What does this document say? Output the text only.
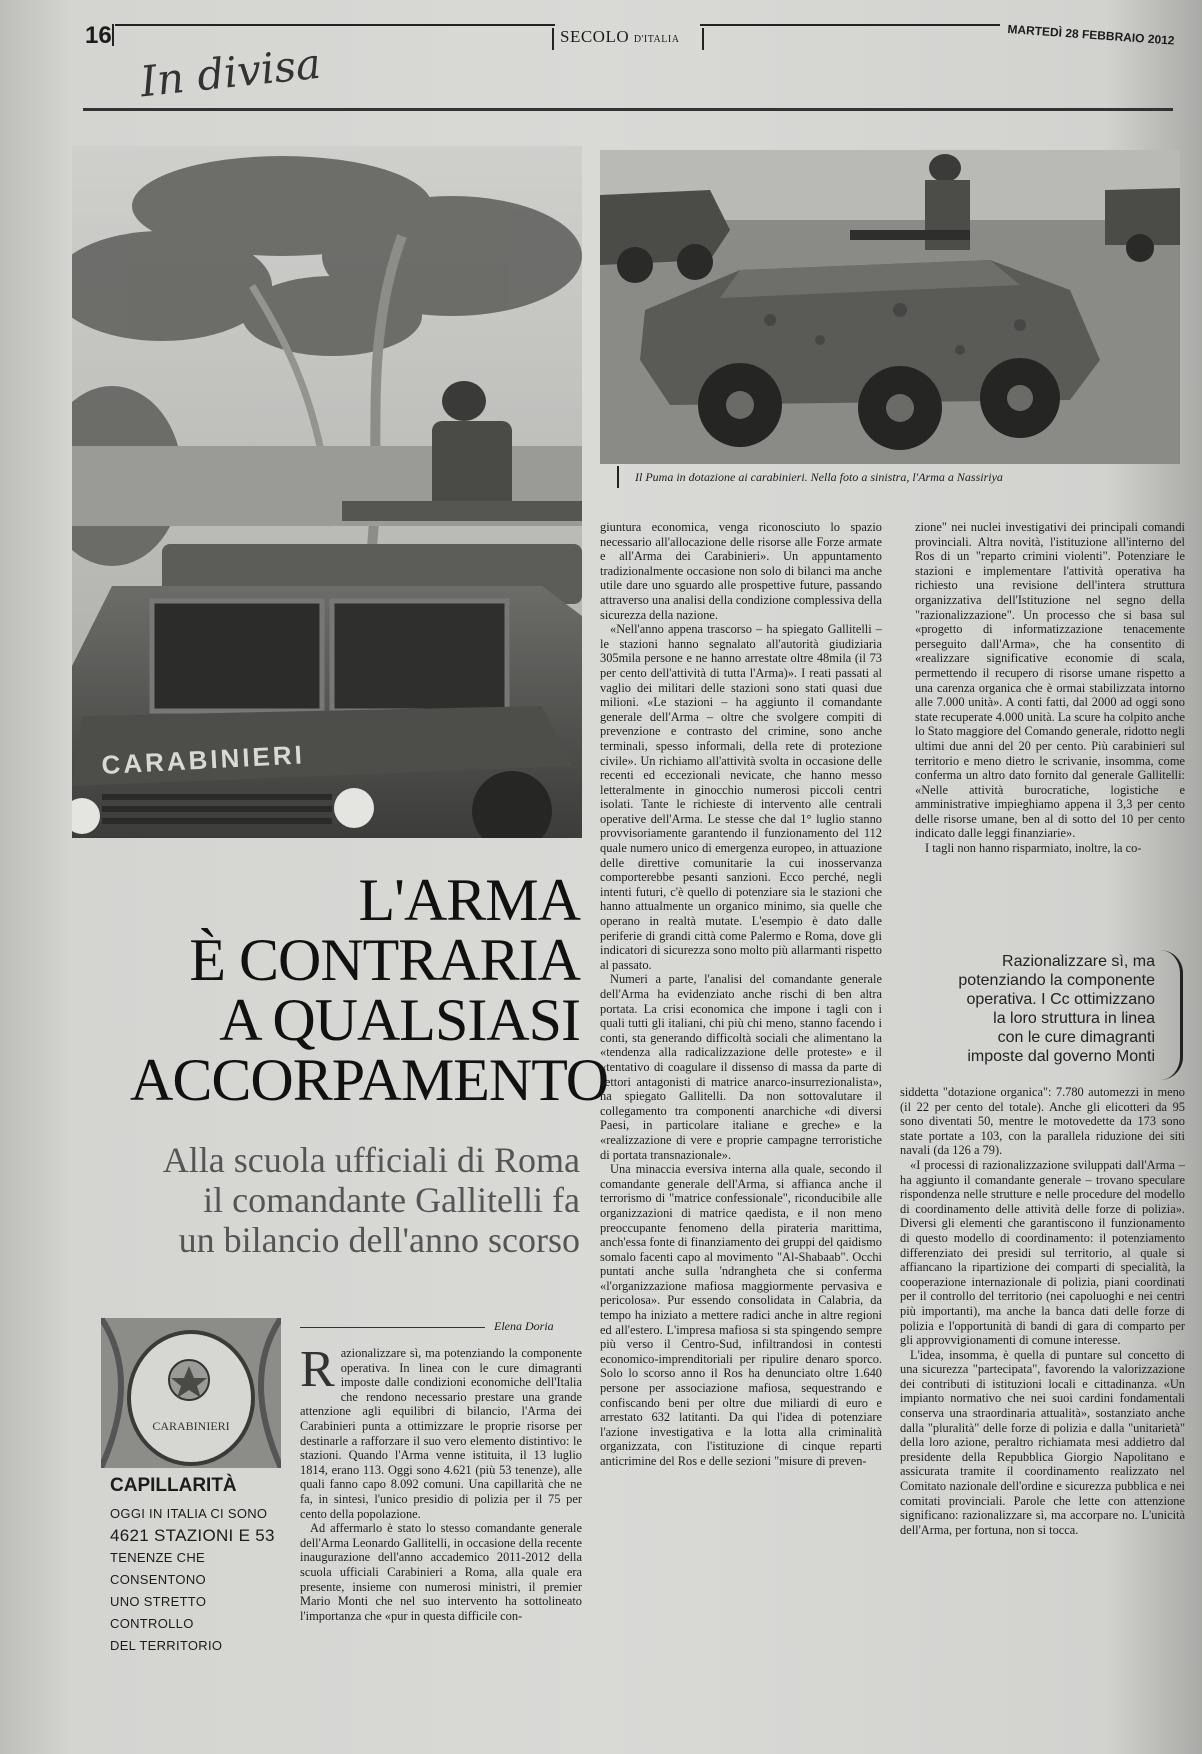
16	SECOLO D'ITALIA	MARTEDÌ 28 FEBBRAIO 2012
In divisa
CARABINIERI
Il Puma in dotazione ai carabinieri. Nella foto a sinistra, l'Arma a Nassiriya
L'ARMA
È CONTRARIA
A QUALSIASI
ACCORPAMENTO
Alla scuola ufficiali di Roma
il comandante Gallitelli fa
un bilancio dell'anno scorso
Elena Doria
CARABINIERI
CAPILLARITÀ
OGGI IN ITALIA CI SONO
4621 STAZIONI E 53
TENENZE CHE CONSENTONO
UNO STRETTO CONTROLLO
DEL TERRITORIO

Razionalizzare sì, ma potenziando la componente operativa. In linea con le cure dimagranti imposte dalle condizioni economiche dell'Italia che rendono necessario prestare una grande attenzione agli equilibri di bilancio, l'Arma dei Carabinieri punta a ottimizzare le proprie risorse per destinarle a rafforzare il suo vero elemento distintivo: le stazioni. Quando l'Arma venne istituita, il 13 luglio 1814, erano 113. Oggi sono 4.621 (più 53 tenenze), alle quali fanno capo 8.092 comuni. Una capillarità che ne fa, in sintesi, l'unico presidio di polizia per il 75 per cento della popolazione.

Ad affermarlo è stato lo stesso comandante generale dell'Arma Leonardo Gallitelli, in occasione della recente inaugurazione dell'anno accademico 2011-2012 della scuola ufficiali Carabinieri a Roma, alla quale era presente, insieme con numerosi ministri, il premier Mario Monti che nel suo intervento ha sottolineato l'importanza che «pur in questa difficile con-

giuntura economica, venga riconosciuto lo spazio necessario all'allocazione delle risorse alle Forze armate e all'Arma dei Carabinieri». Un appuntamento tradizionalmente occasione non solo di bilanci ma anche utile dare uno sguardo alle prospettive future, passando attraverso una analisi della condizione complessiva della sicurezza della nazione.

«Nell'anno appena trascorso – ha spiegato Gallitelli – le stazioni hanno segnalato all'autorità giudiziaria 305mila persone e ne hanno arrestate oltre 48mila (il 73 per cento dell'attività di tutta l'Arma)». I reati passati al vaglio dei militari delle stazioni sono stati quasi due milioni. «Le stazioni – ha aggiunto il comandante generale dell'Arma – oltre che svolgere compiti di prevenzione e contrasto del crimine, sono anche terminali, spesso informali, della rete di protezione civile». Un richiamo all'attività svolta in occasione delle recenti ed eccezionali nevicate, che hanno messo letteralmente in ginocchio numerosi piccoli centri isolati. Tante le richieste di intervento alle centrali operative dell'Arma. Le stesse che dal 1° luglio stanno provvisoriamente garantendo il funzionamento del 112 quale numero unico di emergenza europeo, in attuazione delle direttive comunitarie la cui inosservanza comporterebbe pesanti sanzioni. Ecco perché, negli intenti futuri, c'è quello di potenziare sia le stazioni che hanno attualmente un organico minimo, sia quelle che operano in realtà mutate. L'esempio è dato dalle periferie di grandi città come Palermo e Roma, dove gli indicatori di sicurezza sono molto più allarmanti rispetto al passato.

Numeri a parte, l'analisi del comandante generale dell'Arma ha evidenziato anche rischi di ben altra portata. La crisi economica che impone i tagli con i quali tutti gli italiani, chi più chi meno, stanno facendo i conti, sta generando difficoltà sociali che alimentano la «tendenza alla radicalizzazione delle proteste» e il «tentativo di coagulare il dissenso di massa da parte di settori antagonisti di matrice anarco-insurrezionalista», ha spiegato Gallitelli. Da non sottovalutare il collegamento tra componenti anarchiche «di diversi Paesi, in particolare italiane e greche» e la «realizzazione di vere e proprie campagne terroristiche di portata transnazionale».

Una minaccia eversiva interna alla quale, secondo il comandante generale dell'Arma, si affianca anche il terrorismo di "matrice confessionale", riconducibile alle organizzazioni di matrice qaedista, e il non meno preoccupante fenomeno della pirateria marittima, anch'essa fonte di finanziamento dei gruppi del qaidismo somalo facenti capo al movimento "Al-Shabaab". Occhi puntati anche sulla 'ndrangheta che si conferma «l'organizzazione mafiosa maggiormente pervasiva e pericolosa». Pur essendo consolidata in Calabria, da tempo ha iniziato a mettere radici anche in altre regioni ed all'estero. L'impresa mafiosa si sta spingendo sempre più verso il Centro-Sud, infiltrandosi in contesti economico-imprenditoriali per ripulire denaro sporco. Solo lo scorso anno il Ros ha denunciato oltre 1.640 persone per associazione mafiosa, sequestrando e confiscando beni per oltre due miliardi di euro e arrestato 632 latitanti. Da qui l'idea di potenziare l'azione investigativa e la lotta alla criminalità organizzata, con l'istituzione di cinque reparti anticrimine del Ros e delle sezioni "misure di preven-

zione" nei nuclei investigativi dei principali comandi provinciali. Altra novità, l'istituzione all'interno del Ros di un "reparto crimini violenti". Potenziare le stazioni e implementare l'attività operativa ha richiesto una revisione dell'intera struttura organizzativa dell'Istituzione nel segno della "razionalizzazione". Un processo che si basa sul «progetto di informatizzazione tenacemente perseguito dall'Arma», che ha consentito di «realizzare significative economie di scala, permettendo il recupero di risorse umane rispetto a una carenza organica che è ormai stabilizzata intorno alle 7.000 unità». A conti fatti, dal 2000 ad oggi sono state recuperate 4.000 unità. La scure ha colpito anche lo Stato maggiore del Comando generale, ridotto negli ultimi due anni del 20 per cento. Più carabinieri sul territorio e meno dietro le scrivanie, insomma, come conferma un altro dato fornito dal generale Gallitelli: «Nelle attività burocratiche, logistiche e amministrative impieghiamo appena il 3,3 per cento delle risorse umane, ben al di sotto del 10 per cento indicato dalle leggi finanziarie».

I tagli non hanno risparmiato, inoltre, la co-

Razionalizzare sì, ma
potenziando la componente
operativa. I Cc ottimizzano
la loro struttura in linea
con le cure dimagranti
imposte dal governo Monti

siddetta "dotazione organica": 7.780 automezzi in meno (il 22 per cento del totale). Anche gli elicotteri da 95 sono diventati 50, mentre le motovedette da 173 sono state portate a 103, con la parallela riduzione dei siti navali (da 126 a 79).

«I processi di razionalizzazione sviluppati dall'Arma – ha aggiunto il comandante generale – trovano speculare rispondenza nelle strutture e nelle procedure del modello di coordinamento delle attività delle forze di polizia». Diversi gli elementi che garantiscono il funzionamento di questo modello di coordinamento: il potenziamento differenziato dei presidi sul territorio, al quale si affiancano la ripartizione dei comparti di specialità, la cooperazione internazionale di polizia, piani coordinati per il controllo del territorio (nei capoluoghi e nei centri più importanti), ma anche la banca dati delle forze di polizia e l'opportunità di bandi di gara di comparto per gli approvvigionamenti di comune interesse.

L'idea, insomma, è quella di puntare sul concetto di una sicurezza "partecipata", favorendo la valorizzazione dei contributi di istituzioni locali e cittadinanza. «Un impianto normativo che nei suoi cardini fondamentali conserva una straordinaria attualità», sostanziato anche dalla "pluralità" delle forze di polizia e dalla "unitarietà" della loro azione, peraltro richiamata mesi addietro dal presidente della Repubblica Giorgio Napolitano e assicurata tramite il coordinamento realizzato nel Comitato nazionale dell'ordine e sicurezza pubblica e nei comitati provinciali. Parole che lette con attenzione significano: razionalizzare sì, ma accorpare no. L'unicità dell'Arma, per fortuna, non si tocca.
